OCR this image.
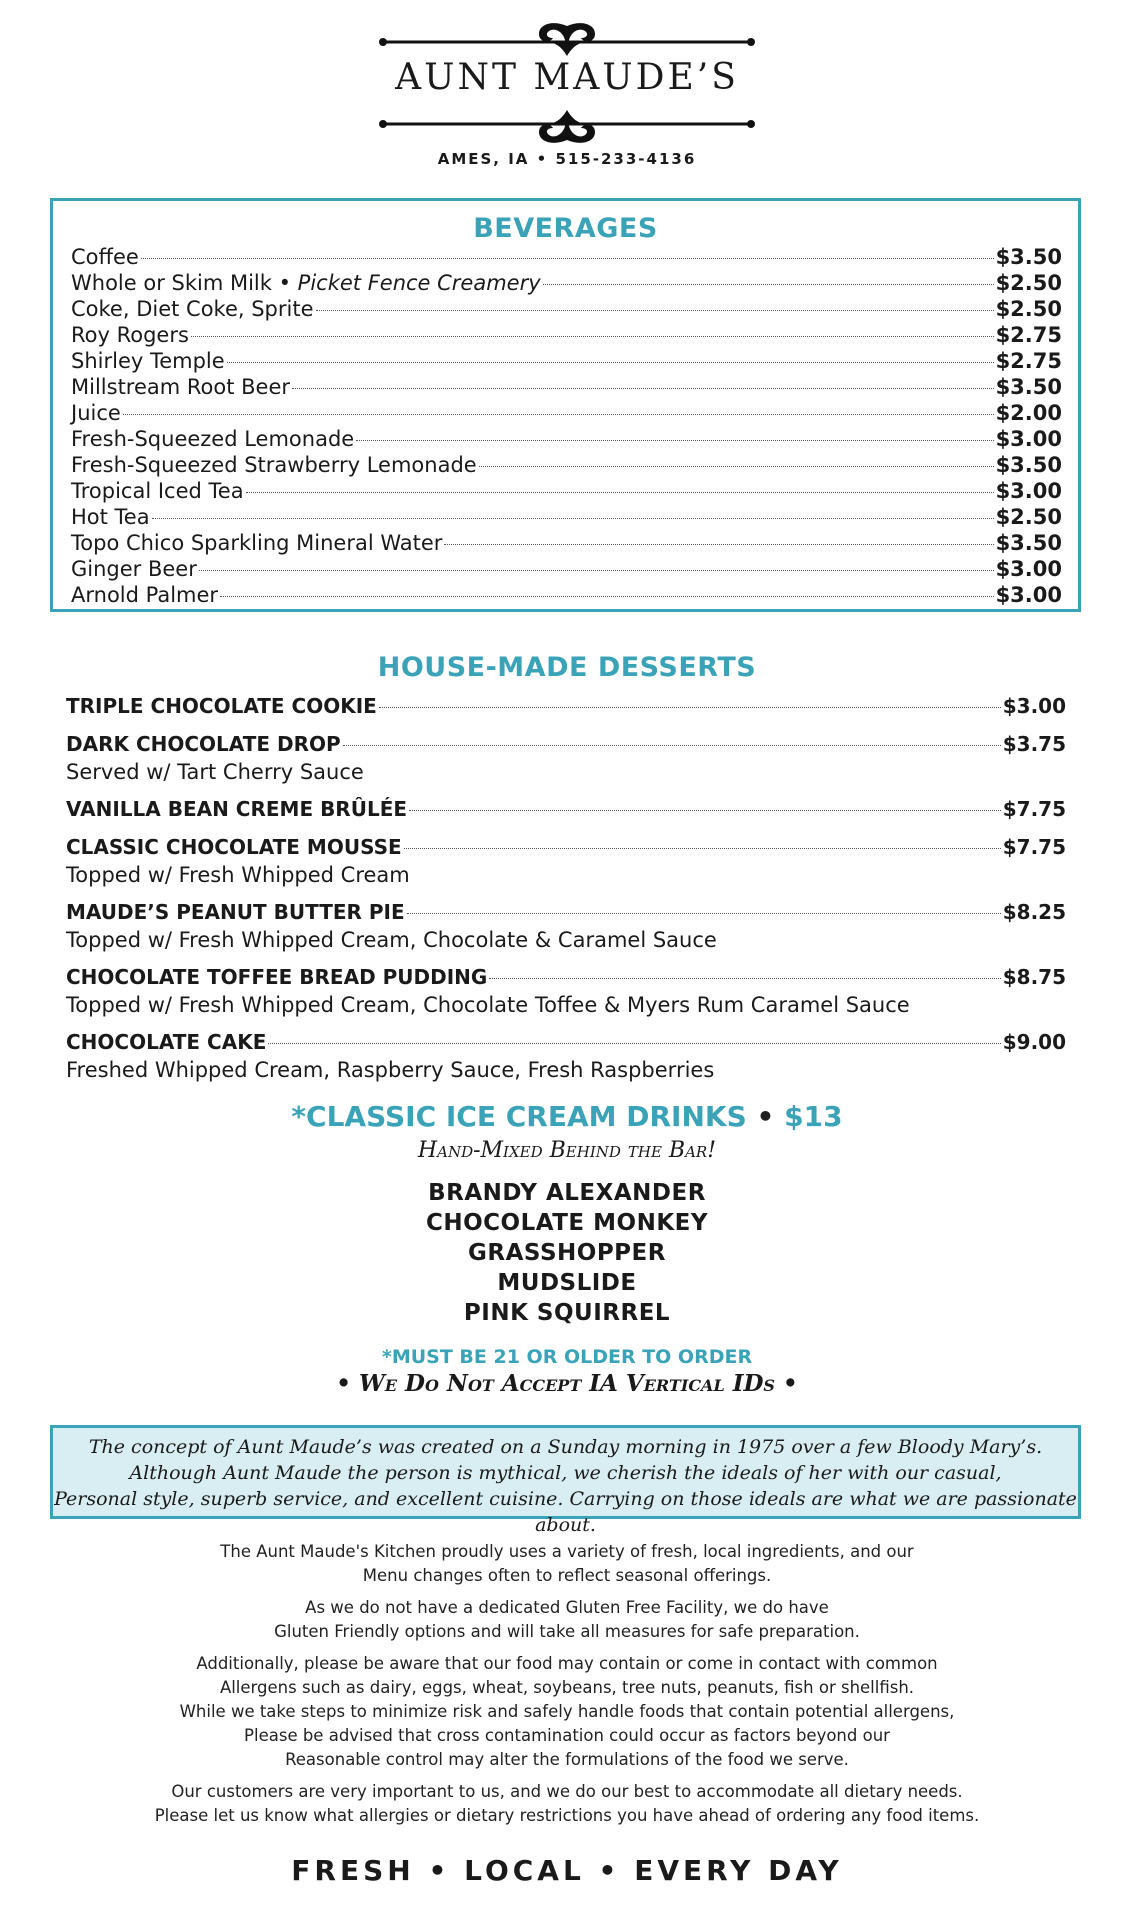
AUNT MAUDE’S
AMES, IA • 515-233-4136
BEVERAGES
Coffee	$3.50
Whole or Skim Milk • Picket Fence Creamery	$2.50
Coke, Diet Coke, Sprite	$2.50
Roy Rogers	$2.75
Shirley Temple	$2.75
Millstream Root Beer	$3.50
Juice	$2.00
Fresh-Squeezed Lemonade	$3.00
Fresh-Squeezed Strawberry Lemonade	$3.50
Tropical Iced Tea	$3.00
Hot Tea	$2.50
Topo Chico Sparkling Mineral Water	$3.50
Ginger Beer	$3.00
Arnold Palmer	$3.00
HOUSE-MADE DESSERTS
TRIPLE CHOCOLATE COOKIE	$3.00
DARK CHOCOLATE DROP	$3.75
Served w/ Tart Cherry Sauce
VANILLA BEAN CREME BRÛLÉE	$7.75
CLASSIC CHOCOLATE MOUSSE	$7.75
Topped w/ Fresh Whipped Cream
MAUDE’S PEANUT BUTTER PIE	$8.25
Topped w/ Fresh Whipped Cream, Chocolate & Caramel Sauce
CHOCOLATE TOFFEE BREAD PUDDING	$8.75
Topped w/ Fresh Whipped Cream, Chocolate Toffee & Myers Rum Caramel Sauce
CHOCOLATE CAKE	$9.00
Freshed Whipped Cream, Raspberry Sauce, Fresh Raspberries
*CLASSIC ICE CREAM DRINKS • $13
Hand-Mixed Behind the Bar!
BRANDY ALEXANDER
CHOCOLATE MONKEY
GRASSHOPPER
MUDSLIDE
PINK SQUIRREL
*MUST BE 21 OR OLDER TO ORDER
• We Do Not Accept IA Vertical IDs •
The concept of Aunt Maude’s was created on a Sunday morning in 1975 over a few Bloody Mary’s.
Although Aunt Maude the person is mythical, we cherish the ideals of her with our casual,
Personal style, superb service, and excellent cuisine. Carrying on those ideals are what we are passionate about.
The Aunt Maude's Kitchen proudly uses a variety of fresh, local ingredients, and our
Menu changes often to reflect seasonal offerings.
As we do not have a dedicated Gluten Free Facility, we do have
Gluten Friendly options and will take all measures for safe preparation.
Additionally, please be aware that our food may contain or come in contact with common
Allergens such as dairy, eggs, wheat, soybeans, tree nuts, peanuts, fish or shellfish.
While we take steps to minimize risk and safely handle foods that contain potential allergens,
Please be advised that cross contamination could occur as factors beyond our
Reasonable control may alter the formulations of the food we serve.
Our customers are very important to us, and we do our best to accommodate all dietary needs.
Please let us know what allergies or dietary restrictions you have ahead of ordering any food items.
FRESH • LOCAL • EVERY DAY
